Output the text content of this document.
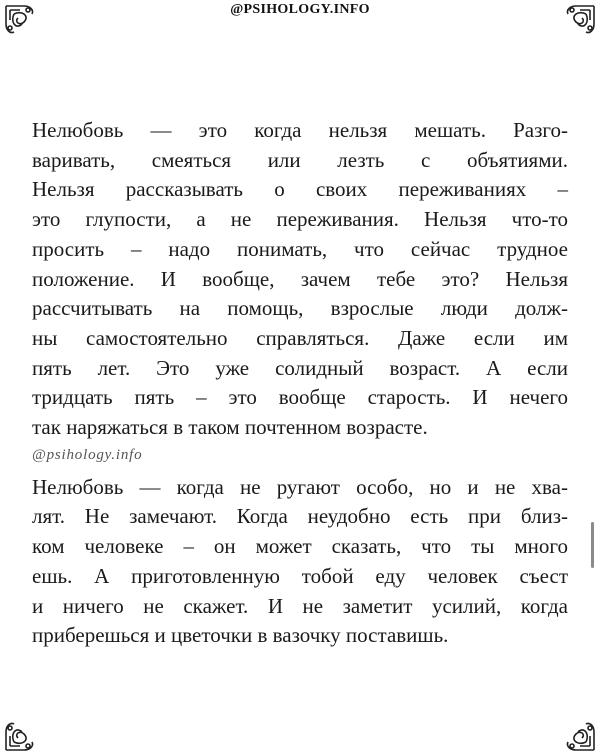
@PSIHOLOGY.INFO
Нелюбовь — это когда нельзя мешать. Разго-
варивать, смеяться или лезть с объятиями.
Нельзя рассказывать о своих переживаниях –
это глупости, а не переживания. Нельзя что-то
просить – надо понимать, что сейчас трудное
положение. И вообще, зачем тебе это? Нельзя
рассчитывать на помощь, взрослые люди долж-
ны самостоятельно справляться. Даже если им
пять лет. Это уже солидный возраст. А если
тридцать пять – это вообще старость. И нечего
так наряжаться в таком почтенном возрасте.
@psihology.info
Нелюбовь — когда не ругают особо, но и не хва-
лят. Не замечают. Когда неудобно есть при близ-
ком человеке – он может сказать, что ты много
ешь. А приготовленную тобой еду человек съест
и ничего не скажет. И не заметит усилий, когда
приберешься и цветочки в вазочку поставишь.
